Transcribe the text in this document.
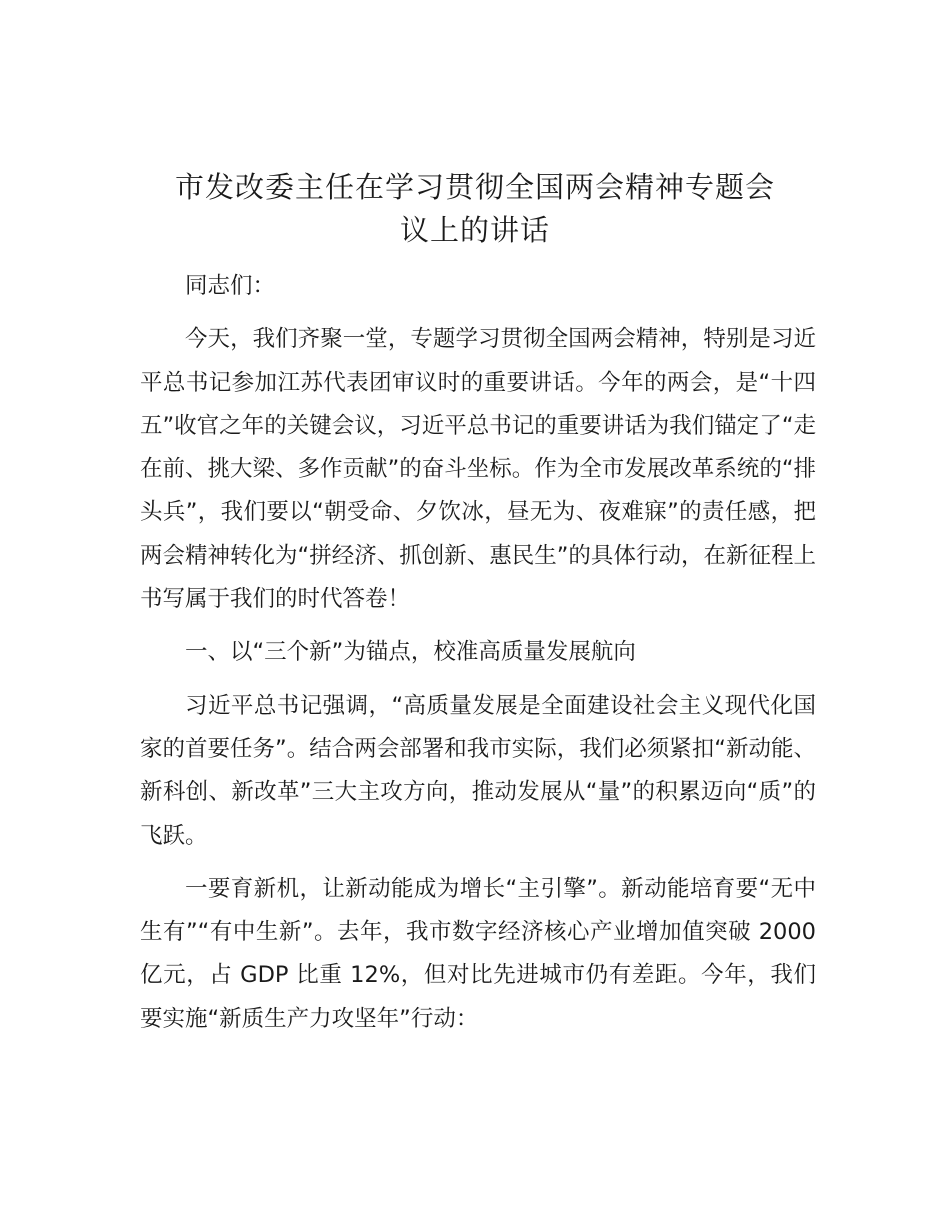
市发改委主任在学习贯彻全国两会精神专题会
议上的讲话

同志们：

今天，我们齐聚一堂，专题学习贯彻全国两会精神，特别是习近平总书记参加江苏代表团审议时的重要讲话。今年的两会，是“十四五”收官之年的关键会议，习近平总书记的重要讲话为我们锚定了“走在前、挑大梁、多作贡献”的奋斗坐标。作为全市发展改革系统的“排头兵”，我们要以“朝受命、夕饮冰，昼无为、夜难寐”的责任感，把两会精神转化为“拼经济、抓创新、惠民生”的具体行动，在新征程上书写属于我们的时代答卷！

一、以“三个新”为锚点，校准高质量发展航向

习近平总书记强调，“高质量发展是全面建设社会主义现代化国家的首要任务”。结合两会部署和我市实际，我们必须紧扣“新动能、新科创、新改革”三大主攻方向，推动发展从“量”的积累迈向“质”的飞跃。

一要育新机，让新动能成为增长“主引擎”。新动能培育要“无中生有”“有中生新”。去年，我市数字经济核心产业增加值突破 2000 亿元，占 GDP 比重 12%，但对比先进城市仍有差距。今年，我们要实施“新质生产力攻坚年”行动：
